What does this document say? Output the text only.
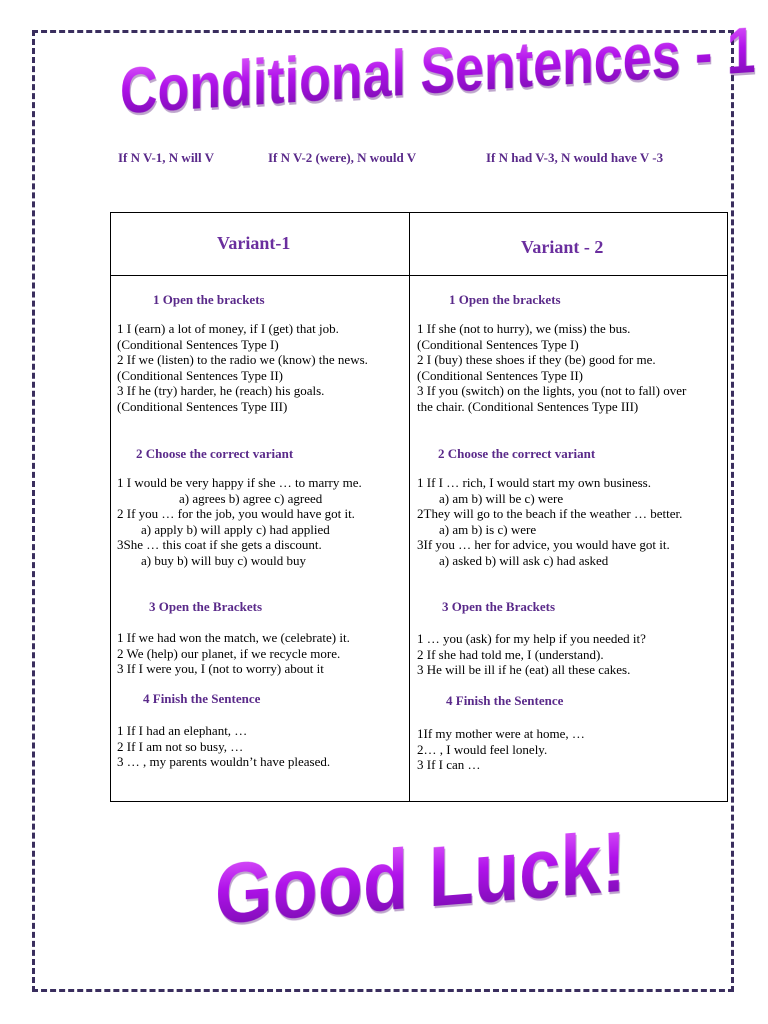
Conditional Sentences - 1
If N V-1, N will V	If N V-2 (were), N would V	If N had V-3, N would have V -3
Variant-1	Variant - 2
1 Open the brackets
1 I (earn) a lot of money, if I (get) that job.
(Conditional Sentences Type I)
2 If we (listen) to the radio we (know) the news.
(Conditional Sentences Type II)
3 If he (try) harder, he (reach) his goals.
(Conditional Sentences Type III)
2 Choose the correct variant
1 I would be very happy if she … to marry me.
a) agrees b) agree c) agreed
2 If you … for the job, you would have got it.
a) apply b) will apply c) had applied
3She … this coat if she gets a discount.
a) buy b) will buy c) would buy
3 Open the Brackets
1 If we had won the match, we (celebrate) it.
2 We (help) our planet, if we recycle more.
3 If I were you, I (not to worry) about it
4 Finish the Sentence
1 If I had an elephant, …
2 If I am not so busy, …
3 … , my parents wouldn’t have pleased.
1 Open the brackets
1 If she (not to hurry), we (miss) the bus.
(Conditional Sentences Type I)
2 I (buy) these shoes if they (be) good for me.
(Conditional Sentences Type II)
3 If you (switch) on the lights, you (not to fall) over
the chair. (Conditional Sentences Type III)
2 Choose the correct variant
1 If I … rich, I would start my own business.
a) am b) will be c) were
2They will go to the beach if the weather … better.
a) am b) is c) were
3If you … her for advice, you would have got it.
a) asked b) will ask c) had asked
3 Open the Brackets
1 … you (ask) for my help if you needed it?
2 If she had told me, I (understand).
3 He will be ill if he (eat) all these cakes.
4 Finish the Sentence
1If my mother were at home, …
2… , I would feel lonely.
3 If I can …
Good Luck!
